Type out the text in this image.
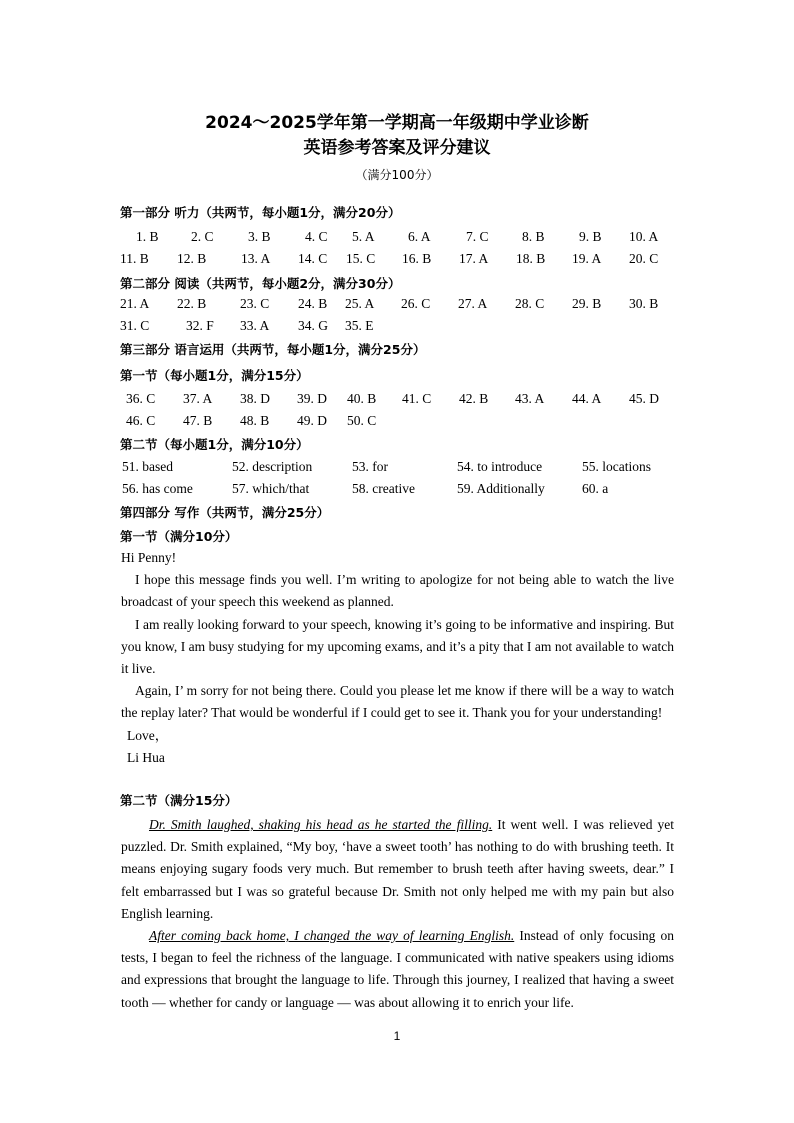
2024～2025学年第一学期高一年级期中学业诊断
英语参考答案及评分建议
（满分100分）
第一部分 听力（共两节，每小题1分，满分20分）
1. B 2. C	3. B	4. C 5. A 6. A	7. C 8. B	9. B 10. A
11. B 12. B	13. A 14. C 15. C 16. B 17. A 18. B 19. A 20. C
第二部分 阅读（共两节，每小题2分，满分30分）
21. A 22. B 23. C 24. B 25. A 26. C 27. A 28. C 29. B 30. B
31. C	32. F 33. A 34. G 35. E
第三部分 语言运用（共两节，每小题1分，满分25分）
第一节（每小题1分，满分15分）
36. C 37. A 38. D 39. D 40. B 41. C 42. B 43. A 44. A 45. D
46. C 47. B 48. B 49. D 50. C
第二节（每小题1分，满分10分）
51. based	52. description	53. for	54. to introduce	55. locations
56. has come	57. which/that	58. creative	59. Additionally	60. a
第四部分 写作（共两节，满分25分）
第一节（满分10分）

Hi Penny!

I hope this message finds you well. I’m writing to apologize for not being able to watch the live broadcast of your speech this weekend as planned.

I am really looking forward to your speech, knowing it’s going to be informative and inspiring. But you know, I am busy studying for my upcoming exams, and it’s a pity that I am not available to watch it live.

Again, I’ m sorry for not being there. Could you please let me know if there will be a way to watch the replay later? That would be wonderful if I could get to see it. Thank you for your understanding!

Love，

Li Hua

第二节（满分15分）

Dr. Smith laughed, shaking his head as he started the filling. It went well. I was relieved yet puzzled. Dr. Smith explained, “My boy, ‘have a sweet tooth’ has nothing to do with brushing teeth. It means enjoying sugary foods very much. But remember to brush teeth after having sweets, dear.” I felt embarrassed but I was so grateful because Dr. Smith not only helped me with my pain but also English learning.

After coming back home, I changed the way of learning English. Instead of only focusing on tests, I began to feel the richness of the language. I communicated with native speakers using idioms and expressions that brought the language to life. Through this journey, I realized that having a sweet tooth — whether for candy or language — was about allowing it to enrich your life.

1
